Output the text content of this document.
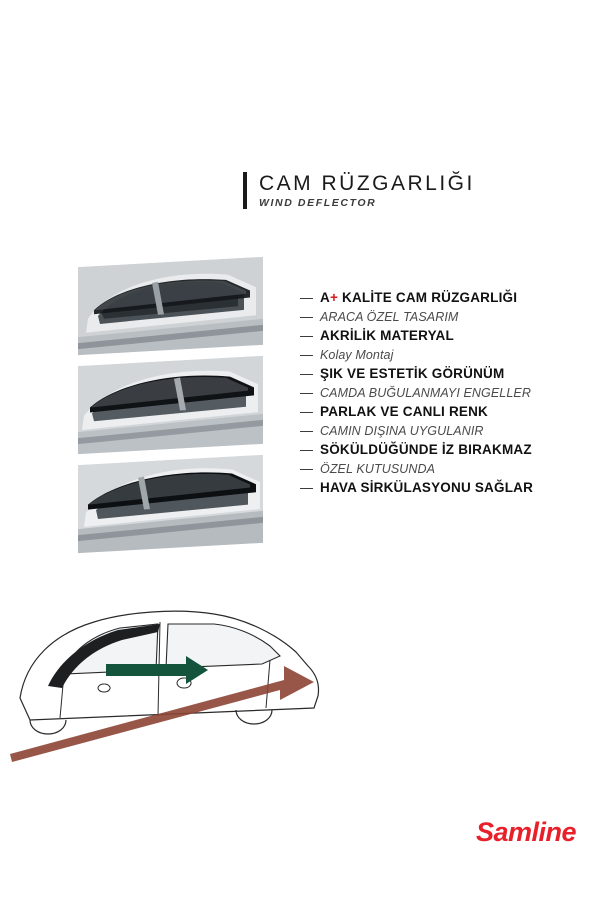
CAM RÜZGARLIĞI
WIND DEFLECTOR
— A+ KALİTE CAM RÜZGARLIĞI
— ARACA ÖZEL TASARIM
— AKRİLİK MATERYAL
— Kolay Montaj
— ŞIK VE ESTETİK GÖRÜNÜM
— CAMDA BUĞULANMAYI ENGELLER
— PARLAK VE CANLI RENK
— CAMIN DIŞINA UYGULANIR
— SÖKÜLDÜĞÜNDE İZ BIRAKMAZ
— ÖZEL KUTUSUNDA
— HAVA SİRKÜLASYONU SAĞLAR
Samline
